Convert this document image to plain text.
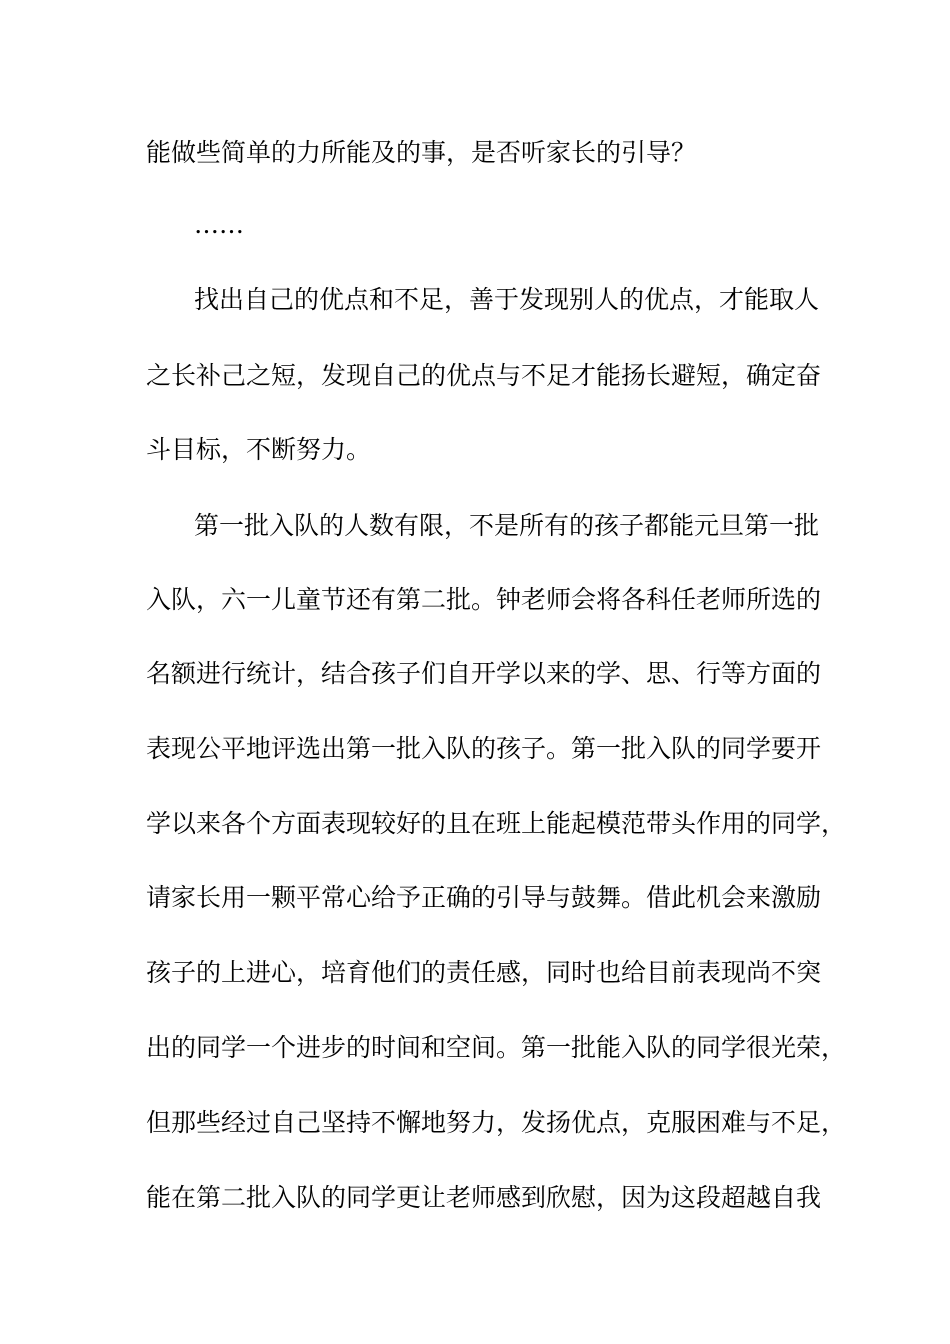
能做些简单的力所能及的事，是否听家长的引导？
……
找出自己的优点和不足，善于发现别人的优点，才能取人
之长补己之短，发现自己的优点与不足才能扬长避短，确定奋
斗目标，不断努力。
第一批入队的人数有限，不是所有的孩子都能元旦第一批
入队，六一儿童节还有第二批。钟老师会将各科任老师所选的
名额进行统计，结合孩子们自开学以来的学、思、行等方面的
表现公平地评选出第一批入队的孩子。第一批入队的同学要开
学以来各个方面表现较好的且在班上能起模范带头作用的同学，
请家长用一颗平常心给予正确的引导与鼓舞。借此机会来激励
孩子的上进心，培育他们的责任感，同时也给目前表现尚不突
出的同学一个进步的时间和空间。第一批能入队的同学很光荣，
但那些经过自己坚持不懈地努力，发扬优点，克服困难与不足，
能在第二批入队的同学更让老师感到欣慰，因为这段超越自我
